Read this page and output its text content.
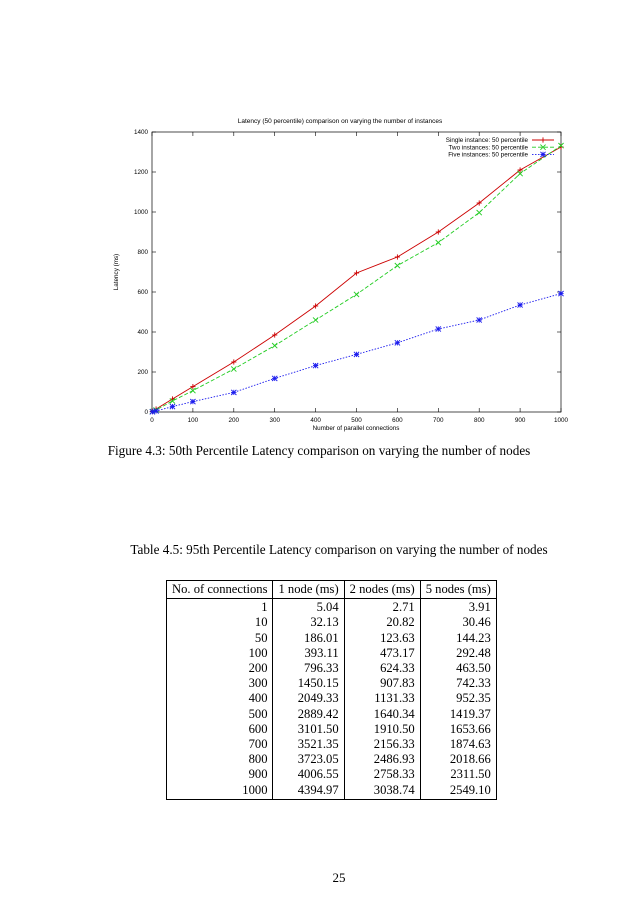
Latency (50 percentile) comparison on varying the number of instances
0
200
400
600
800
1000
1200
1400
0	100	200	300	400	500	600	700	800	900	1000
Number of parallel connections
Latency (ms)
Single instance: 50 percentile
Two instances: 50 percentile
Five instances: 50 percentile
Figure 4.3: 50th Percentile Latency comparison on varying the number of nodes
Table 4.5: 95th Percentile Latency comparison on varying the number of nodes
No. of connections	1 node (ms)	2 nodes (ms)	5 nodes (ms)
1	5.04	2.71	3.91
10	32.13	20.82	30.46
50	186.01	123.63	144.23
100	393.11	473.17	292.48
200	796.33	624.33	463.50
300	1450.15	907.83	742.33
400	2049.33	1131.33	952.35
500	2889.42	1640.34	1419.37
600	3101.50	1910.50	1653.66
700	3521.35	2156.33	1874.63
800	3723.05	2486.93	2018.66
900	4006.55	2758.33	2311.50
1000	4394.97	3038.74	2549.10
25
